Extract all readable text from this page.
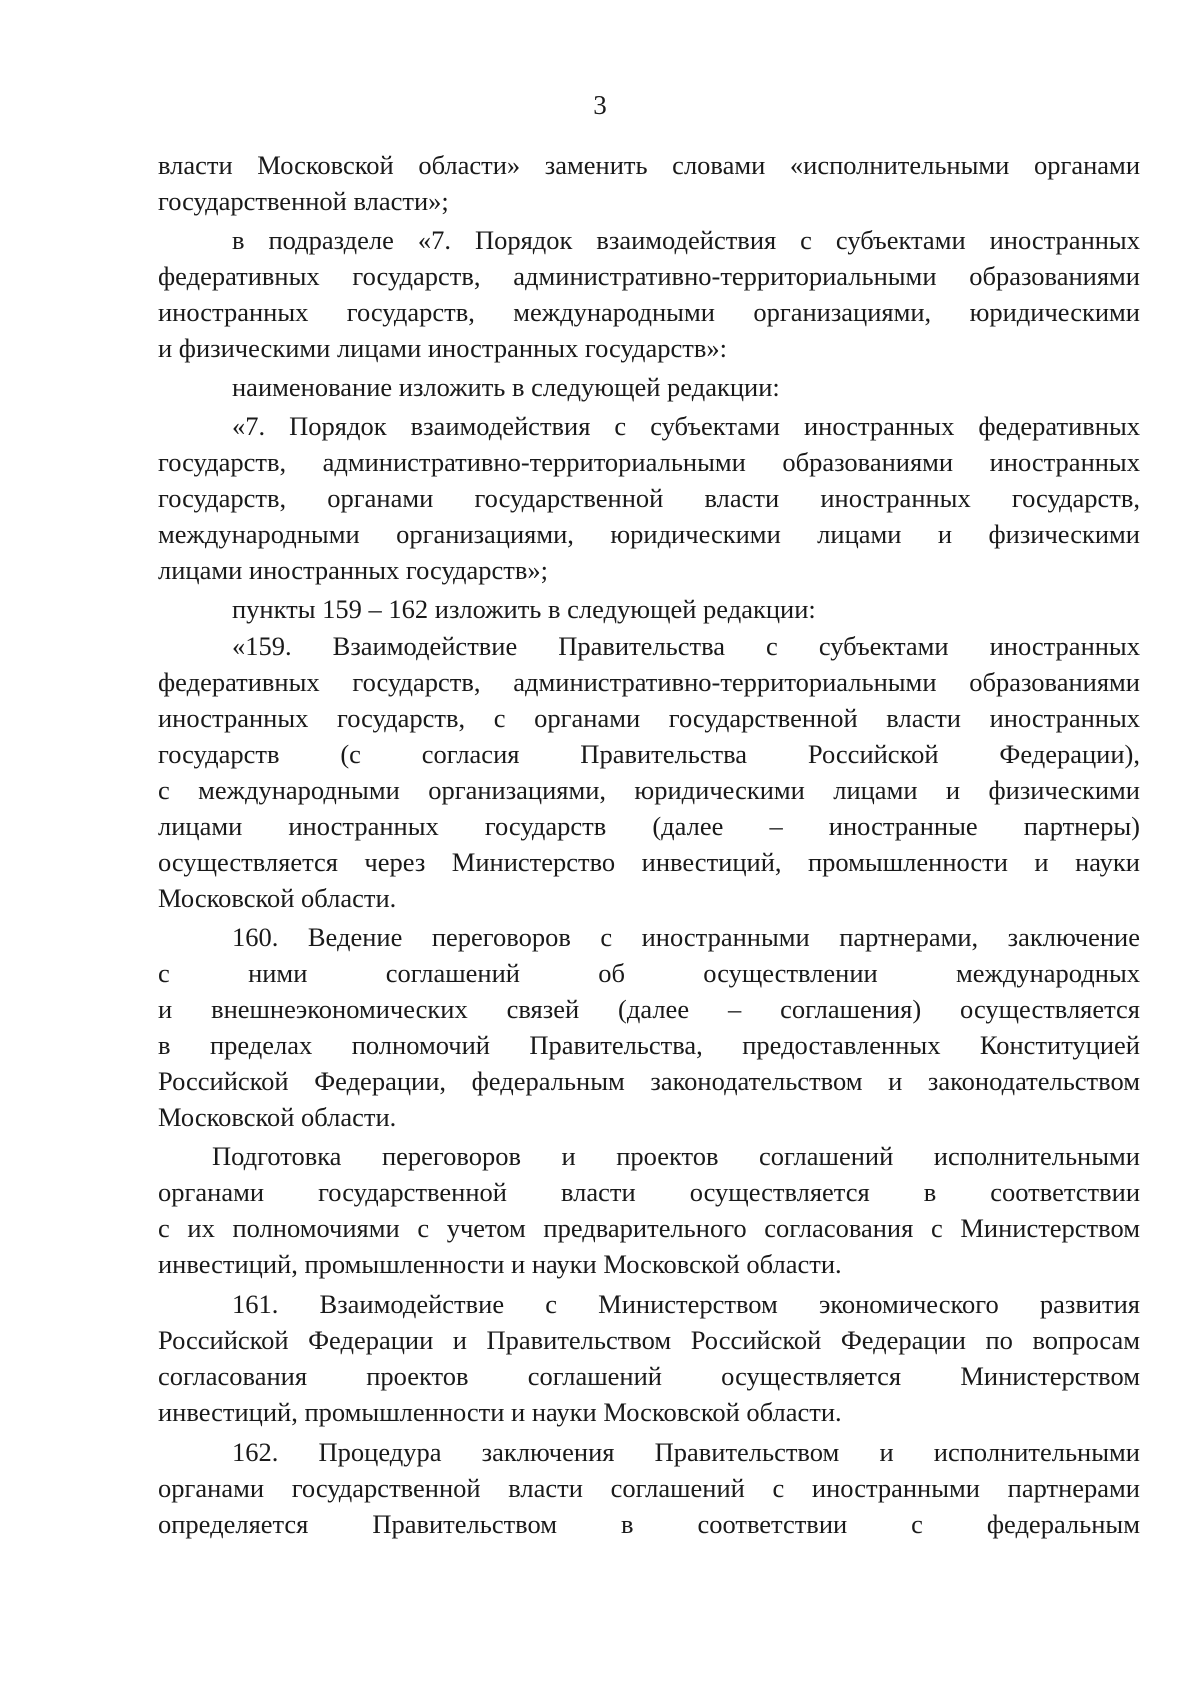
3
власти Московской области» заменить словами «исполнительными органами
государственной власти»;
в подразделе «7. Порядок взаимодействия с субъектами иностранных
федеративных государств, административно-территориальными образованиями
иностранных государств, международными организациями, юридическими
и физическими лицами иностранных государств»:
наименование изложить в следующей редакции:
«7. Порядок взаимодействия с субъектами иностранных федеративных
государств, административно-территориальными образованиями иностранных
государств, органами государственной власти иностранных государств,
международными организациями, юридическими лицами и физическими
лицами иностранных государств»;
пункты 159 – 162 изложить в следующей редакции:
«159. Взаимодействие Правительства с субъектами иностранных
федеративных государств, административно-территориальными образованиями
иностранных государств, с органами государственной власти иностранных
государств (с согласия Правительства Российской Федерации),
с международными организациями, юридическими лицами и физическими
лицами иностранных государств (далее – иностранные партнеры)
осуществляется через Министерство инвестиций, промышленности и науки
Московской области.
160. Ведение переговоров с иностранными партнерами, заключение
с ними соглашений об осуществлении международных
и внешнеэкономических связей (далее – соглашения) осуществляется
в пределах полномочий Правительства, предоставленных Конституцией
Российской Федерации, федеральным законодательством и законодательством
Московской области.
Подготовка переговоров и проектов соглашений исполнительными
органами государственной власти осуществляется в соответствии
с их полномочиями с учетом предварительного согласования с Министерством
инвестиций, промышленности и науки Московской области.
161. Взаимодействие с Министерством экономического развития
Российской Федерации и Правительством Российской Федерации по вопросам
согласования проектов соглашений осуществляется Министерством
инвестиций, промышленности и науки Московской области.
162. Процедура заключения Правительством и исполнительными
органами государственной власти соглашений с иностранными партнерами
определяется Правительством в соответствии с федеральным
